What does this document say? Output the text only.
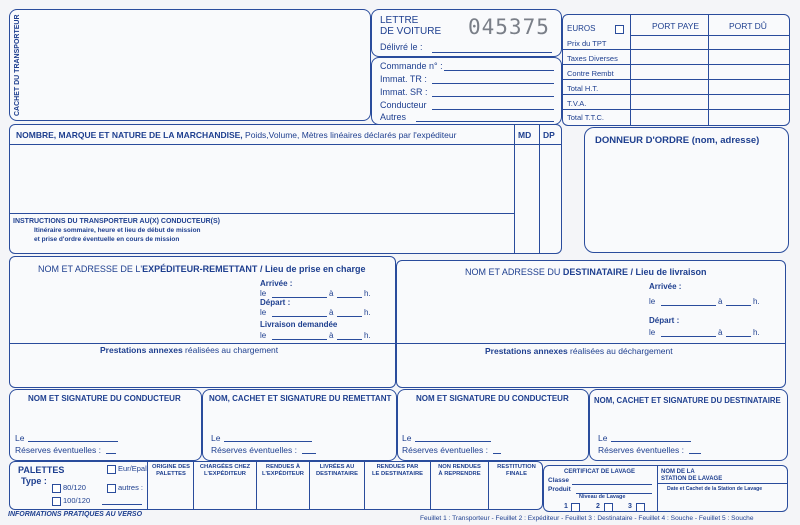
CACHET DU TRANSPORTEUR	LETTRE
DE VOITURE 045375
Délivré le :
Commande n° :
Immat. TR :
Immat. SR :
Conducteur
Autres
EUROS	PORT PAYE	PORT DÛ
Prix du TPT
Taxes Diverses
Contre Rembt
Total H.T.
T.V.A.
Total T.T.C.
NOMBRE, MARQUE ET NATURE DE LA MARCHANDISE, Poids,Volume, Mètres linéaires déclarés par l'expéditeur	MD DP
INSTRUCTIONS DU TRANSPORTEUR AU(X) CONDUCTEUR(S)
Itinéraire sommaire, heure et lieu de début de mission
et prise d'ordre éventuelle en cours de mission
DONNEUR D'ORDRE (nom, adresse)
NOM ET ADRESSE DE L'EXPÉDITEUR-REMETTANT / Lieu de prise en charge
Arrivée :
le	à	h.
Départ :
le	à	h.
Livraison demandée
le	à	h.
Prestations annexes réalisées au chargement
NOM ET ADRESSE DU DESTINATAIRE / Lieu de livraison
Arrivée :
le	à	h.
Départ :
le	à	h.
Prestations annexes réalisées au déchargement
NOM ET SIGNATURE DU CONDUCTEUR
Le
Réserves éventuelles :
NOM, CACHET ET SIGNATURE DU REMETTANT
Le
Réserves éventuelles :
NOM ET SIGNATURE DU CONDUCTEUR
Le
Réserves éventuelles :
NOM, CACHET ET SIGNATURE DU DESTINATAIRE
Le
Réserves éventuelles :
PALETTES
Type :
Eur/Epal
80/120	autres :
100/120
ORIGINE DES
PALETTES
CHARGÉES CHEZ
L'EXPÉDITEUR
RENDUES À
L'EXPÉDITEUR
LIVRÉES AU
DESTINATAIRE
RENDUES PAR
LE DESTINATAIRE
NON RENDUES
À REPRENDRE
RESTITUTION
FINALE	CERTIFICAT DE LAVAGE
Classe
Produit
Niveau de Lavage
1	2	3
NOM DE LA
STATION DE LAVAGE
Date et Cachet de la Station de Lavage
INFORMATIONS PRATIQUES AU VERSO
Feuillet 1 : Transporteur - Feuillet 2 : Expéditeur - Feuillet 3 : Destinataire - Feuillet 4 : Souche - Feuillet 5 : Souche
